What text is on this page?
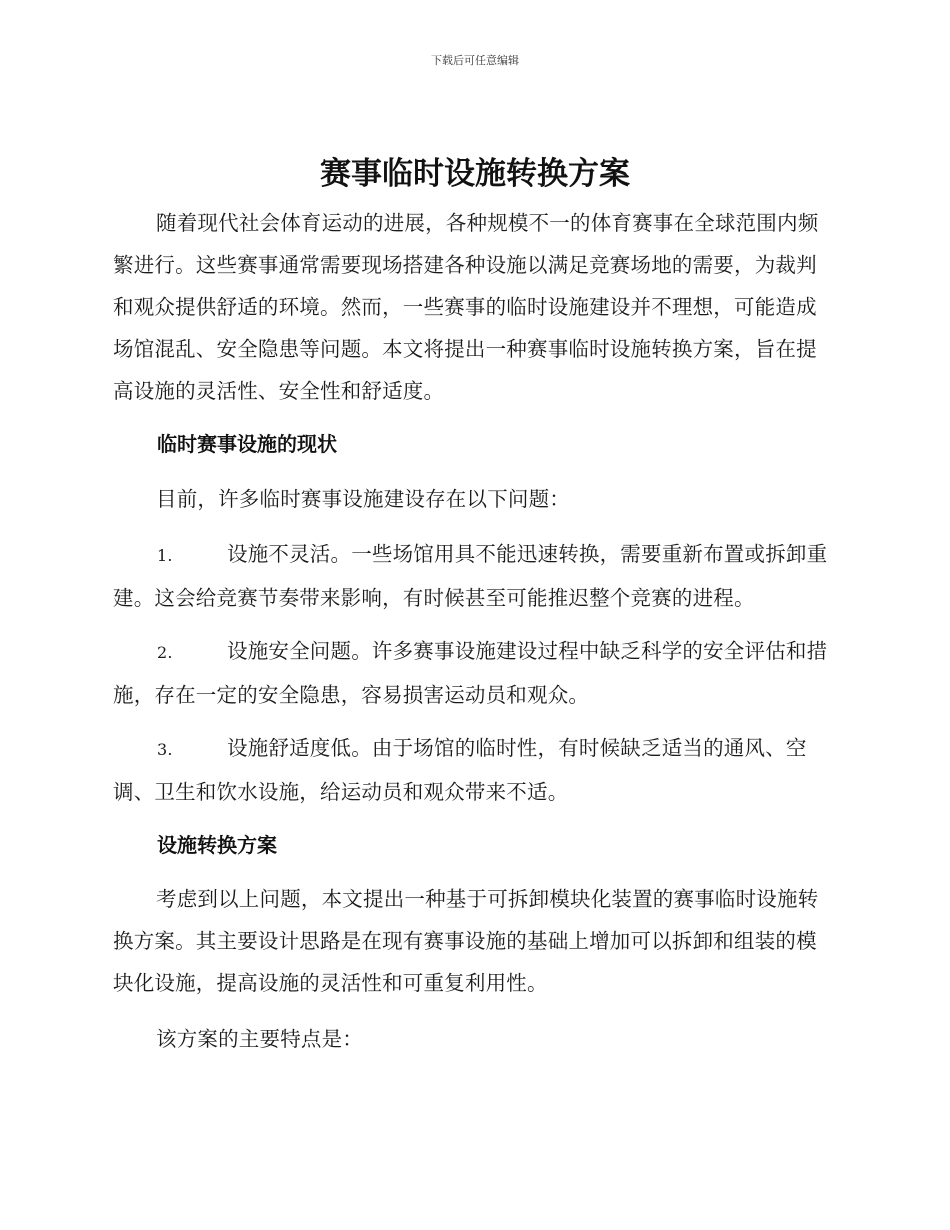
下载后可任意编辑
赛事临时设施转换方案

随着现代社会体育运动的进展，各种规模不一的体育赛事在全球范围内频繁进行。这些赛事通常需要现场搭建各种设施以满足竞赛场地的需要，为裁判和观众提供舒适的环境。然而，一些赛事的临时设施建设并不理想，可能造成场馆混乱、安全隐患等问题。本文将提出一种赛事临时设施转换方案，旨在提高设施的灵活性、安全性和舒适度。

临时赛事设施的现状

目前，许多临时赛事设施建设存在以下问题：

1.	设施不灵活。一些场馆用具不能迅速转换，需要重新布置或拆卸重建。这会给竞赛节奏带来影响，有时候甚至可能推迟整个竞赛的进程。

2.	设施安全问题。许多赛事设施建设过程中缺乏科学的安全评估和措施，存在一定的安全隐患，容易损害运动员和观众。

3.	设施舒适度低。由于场馆的临时性，有时候缺乏适当的通风、空调、卫生和饮水设施，给运动员和观众带来不适。

设施转换方案

考虑到以上问题，本文提出一种基于可拆卸模块化装置的赛事临时设施转换方案。其主要设计思路是在现有赛事设施的基础上增加可以拆卸和组装的模块化设施，提高设施的灵活性和可重复利用性。

该方案的主要特点是：
